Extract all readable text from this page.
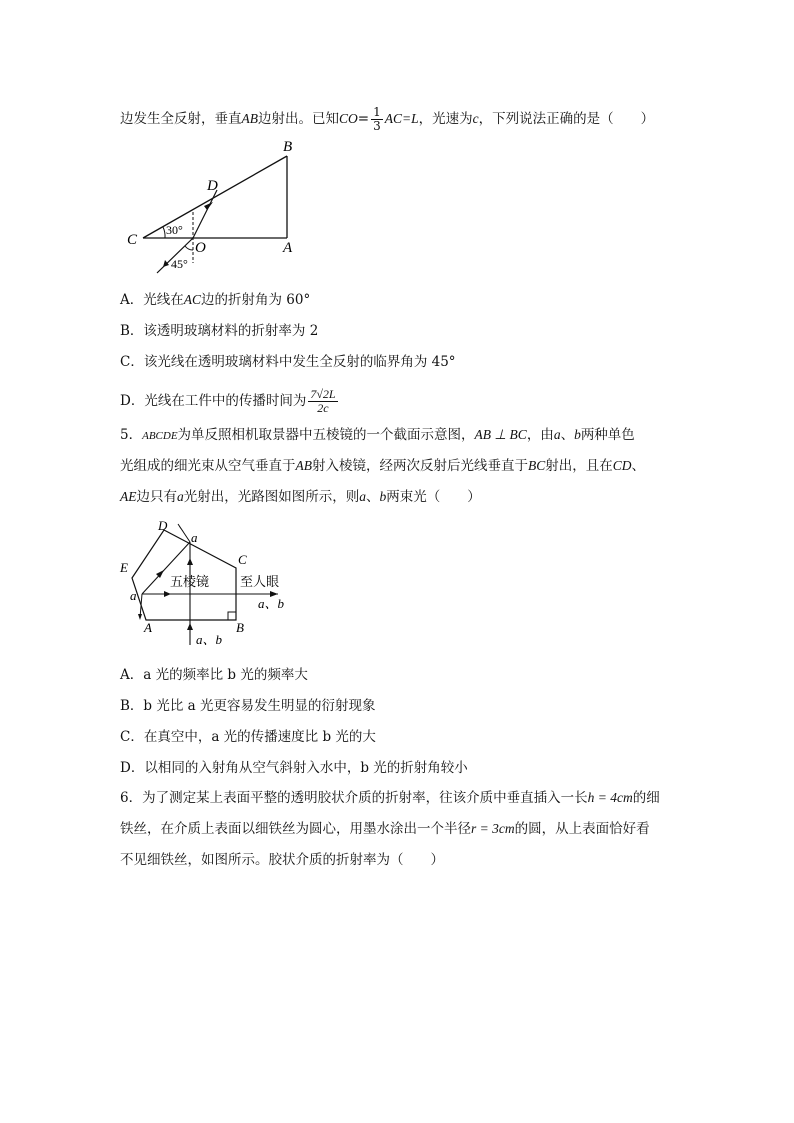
边发生全反射，垂直AB边射出。已知$CO= \frac{1}{3} AC=L$，光速为c，下列说法正确的是（　　）
B
D
C	O	A
30°
45°
A．光线在AC边的折射角为 60°
B．该透明玻璃材料的折射率为 2
C．该光线在透明玻璃材料中发生全反射的临界角为 45°
D．光线在工件中的传播时间为 $\frac{7√2L}{2c}$
5．ABCDE为单反照相机取景器中五棱镜的一个截面示意图，AB ⊥ BC，由a、b两种单色
光组成的细光束从空气垂直于AB射入棱镜，经两次反射后光线垂直于BC射出，且在CD、
AE边只有a光射出，光路图如图所示，则a、b两束光（　　）
D
a
C
E
五棱镜 至人眼
a
A	B
a、b
a、b
A．a 光的频率比 b 光的频率大
B．b 光比 a 光更容易发生明显的衍射现象
C．在真空中，a 光的传播速度比 b 光的大
D．以相同的入射角从空气斜射入水中，b 光的折射角较小
6．为了测定某上表面平整的透明胶状介质的折射率，往该介质中垂直插入一长h = 4cm的细
铁丝，在介质上表面以细铁丝为圆心，用墨水涂出一个半径r = 3cm的圆，从上表面恰好看
不见细铁丝，如图所示。胶状介质的折射率为（　　）
